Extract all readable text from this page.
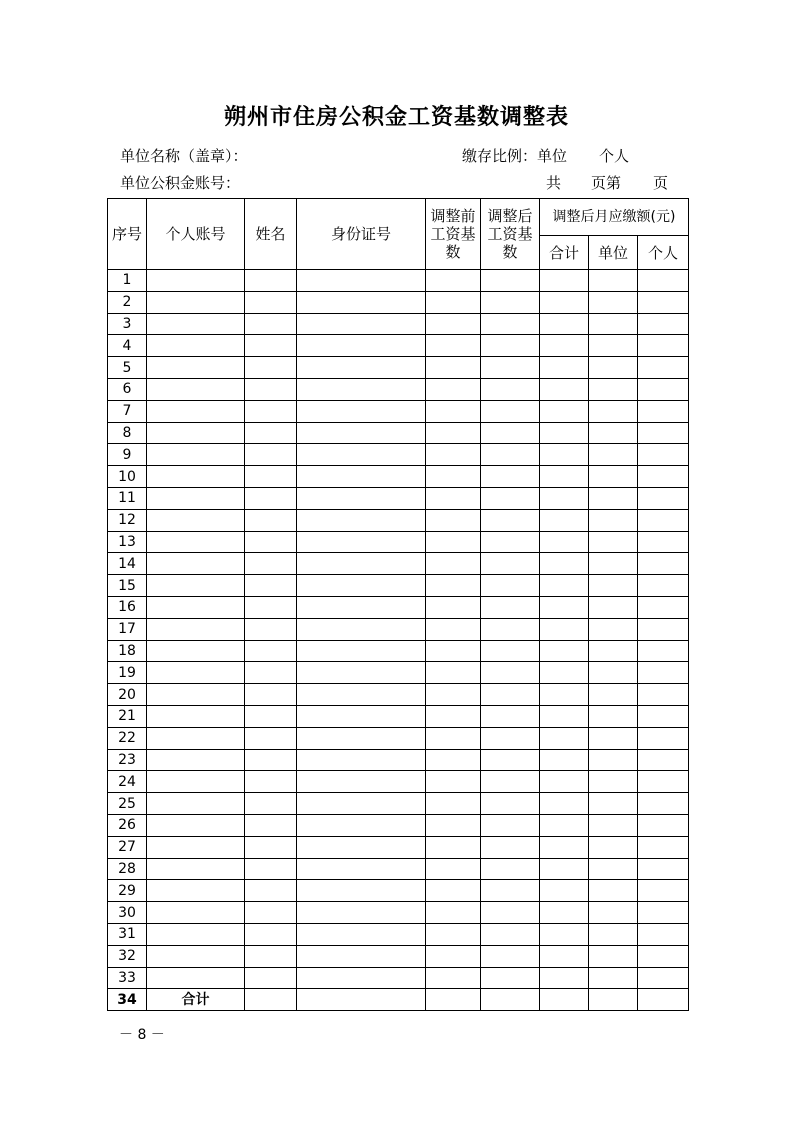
朔州市住房公积金工资基数调整表
单位名称（盖章）：	缴存比例：单位 个人
单位公积金账号：	共 页第 页
序号	个人账号	姓名	身份证号	调整前工资基数	调整后工资基数	调整后月应缴额(元)		
						合计	单位	个人
1								
2								
3								
4								
5								
6								
7								
8								
9								
10								
11								
12								
13								
14								
15								
16								
17								
18								
19								
20								
21								
22								
23								
24								
25								
26								
27								
28								
29								
30								
31								
32								
33								
34	合计							
－ 8 －
